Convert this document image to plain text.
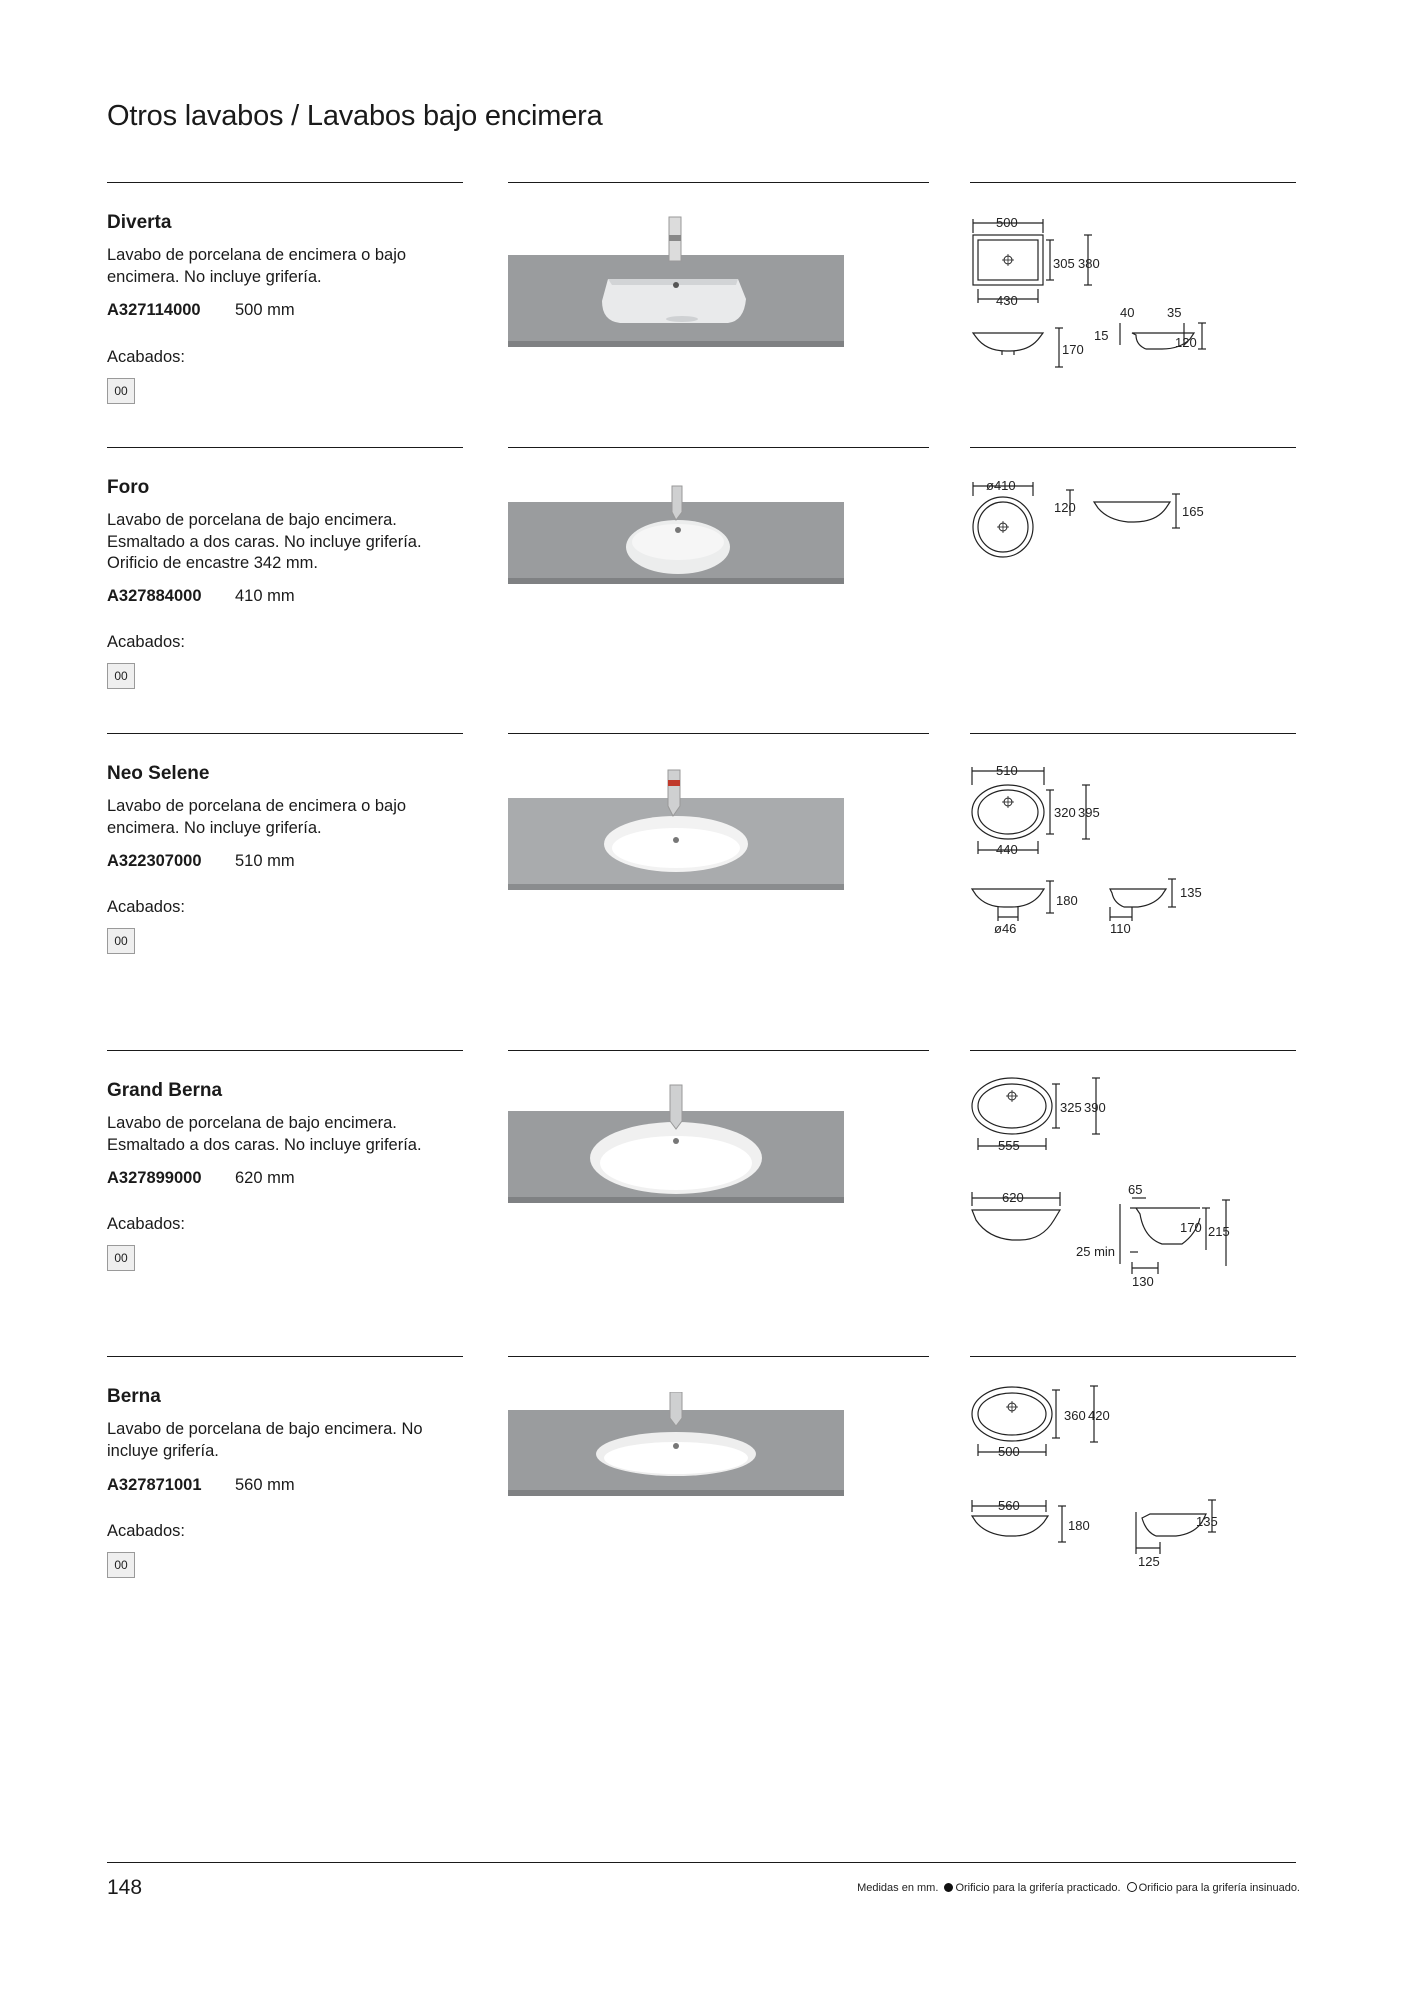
Otros lavabos / Lavabos bajo encimera
Diverta
Lavabo de porcelana de encimera o bajo encimera. No incluye grifería.
A327114000 500 mm
Acabados:
00
500
305 380
430
40	35
15
170	120
Foro
Lavabo de porcelana de bajo encimera. Esmaltado a dos caras. No incluye grifería. Orificio de encastre 342 mm.
A327884000 410 mm
Acabados:
00
ø410
120	165
Neo Selene
Lavabo de porcelana de encimera o bajo encimera. No incluye grifería.
A322307000 510 mm
Acabados:
00
510
320 395
440
180
ø46
135
110
Grand Berna
Lavabo de porcelana de bajo encimera. Esmaltado a dos caras. No incluye grifería.
A327899000 620 mm
Acabados:
00
325 390
555
620
65
170 215
25 min
130
Berna
Lavabo de porcelana de bajo encimera. No incluye grifería.
A327871001 560 mm
Acabados:
00
360 420
500
560
180	135
125
148	Medidas en mm. Orificio para la grifería practicado. Orificio para la grifería insinuado.
